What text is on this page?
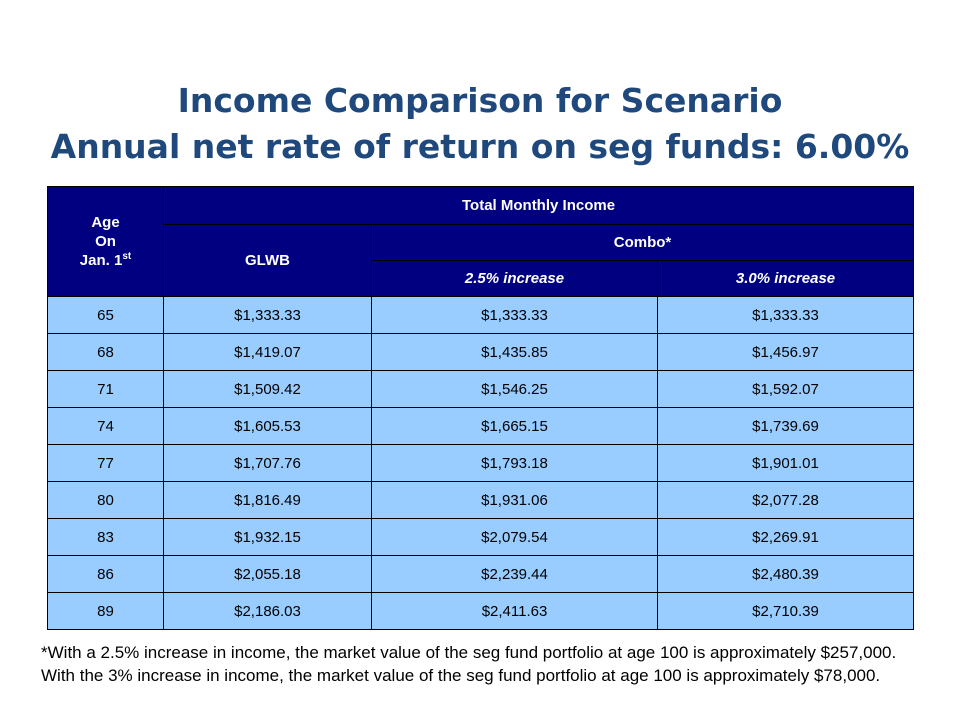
Income Comparison for Scenario
Annual net rate of return on seg funds: 6.00%
Age
On
Jan. 1st	Total Monthly Income		
	GLWB	Combo*	
		2.5% increase	3.0% increase
65	$1,333.33	$1,333.33	$1,333.33
68	$1,419.07	$1,435.85	$1,456.97
71	$1,509.42	$1,546.25	$1,592.07
74	$1,605.53	$1,665.15	$1,739.69
77	$1,707.76	$1,793.18	$1,901.01
80	$1,816.49	$1,931.06	$2,077.28
83	$1,932.15	$2,079.54	$2,269.91
86	$2,055.18	$2,239.44	$2,480.39
89	$2,186.03	$2,411.63	$2,710.39
*With a 2.5% increase in income, the market value of the seg fund portfolio at age 100 is approximately $257,000. With the 3% increase in income, the market value of the seg fund portfolio at age 100 is approximately $78,000.
